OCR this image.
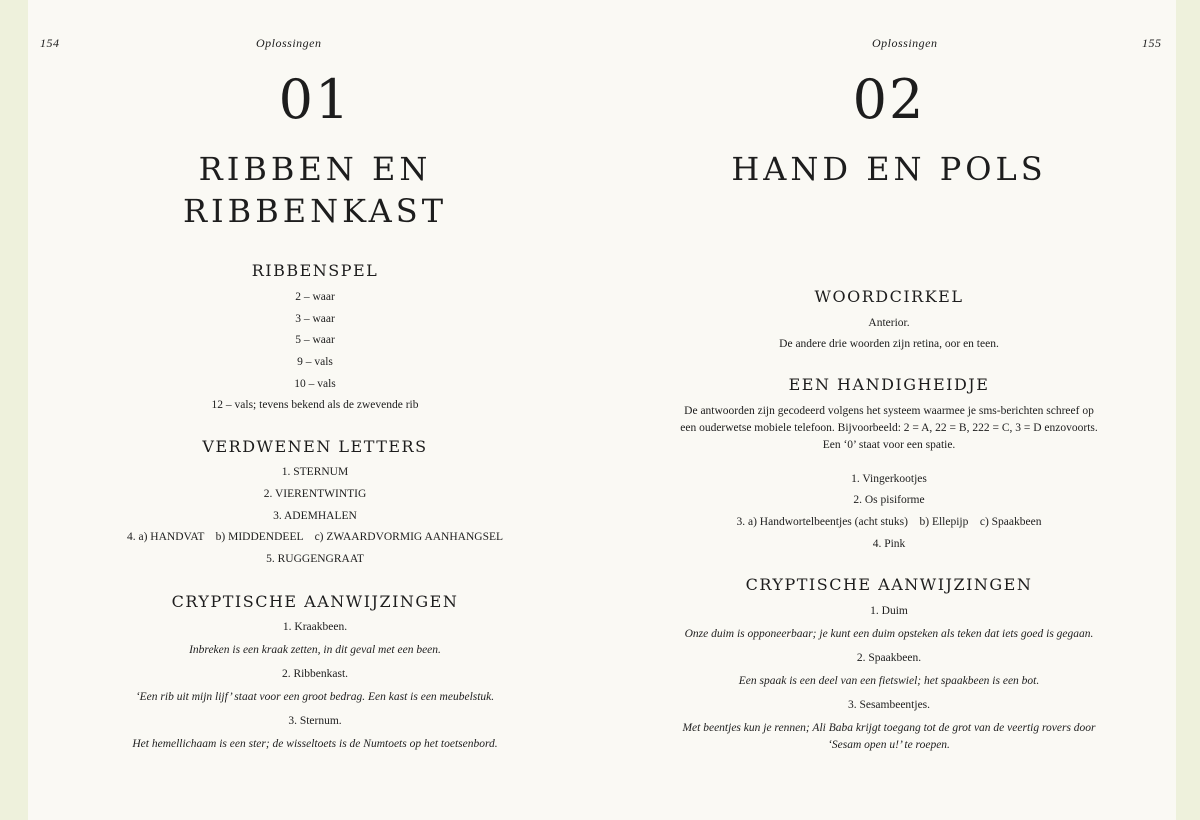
154	Oplossingen

01

RIBBEN EN

RIBBENKAST

RIBBENSPEL

2 – waar

3 – waar

5 – waar

9 – vals

10 – vals

12 – vals; tevens bekend als de zwevende rib

VERDWENEN LETTERS

1. STERNUM

2. VIERENTWINTIG

3. ADEMHALEN

4. a) HANDVAT    b) MIDDENDEEL    c) ZWAARDVORMIG AANHANGSEL

5. RUGGENGRAAT

CRYPTISCHE AANWIJZINGEN

1. Kraakbeen.

Inbreken is een kraak zetten, in dit geval met een been.

2. Ribbenkast.

‘Een rib uit mijn lijf’ staat voor een groot bedrag. Een kast is een meubelstuk.

3. Sternum.

Het hemellichaam is een ster; de wisseltoets is de Numtoets op het toetsenbord.

Oplossingen	155

02

HAND EN POLS

WOORDCIRKEL

Anterior.

De andere drie woorden zijn retina, oor en teen.

EEN HANDIGHEIDJE

De antwoorden zijn gecodeerd volgens het systeem waarmee je sms-berichten schreef op

een ouderwetse mobiele telefoon. Bijvoorbeeld: 2 = A, 22 = B, 222 = C, 3 = D enzovoorts.

Een ‘0’ staat voor een spatie.

1. Vingerkootjes

2. Os pisiforme

3. a) Handwortelbeentjes (acht stuks)    b) Ellepijp    c) Spaakbeen

4. Pink

CRYPTISCHE AANWIJZINGEN

1. Duim

Onze duim is opponeerbaar; je kunt een duim opsteken als teken dat iets goed is gegaan.

2. Spaakbeen.

Een spaak is een deel van een fietswiel; het spaakbeen is een bot.

3. Sesambeentjes.

Met beentjes kun je rennen; Ali Baba krijgt toegang tot de grot van de veertig rovers door

‘Sesam open u!’ te roepen.
